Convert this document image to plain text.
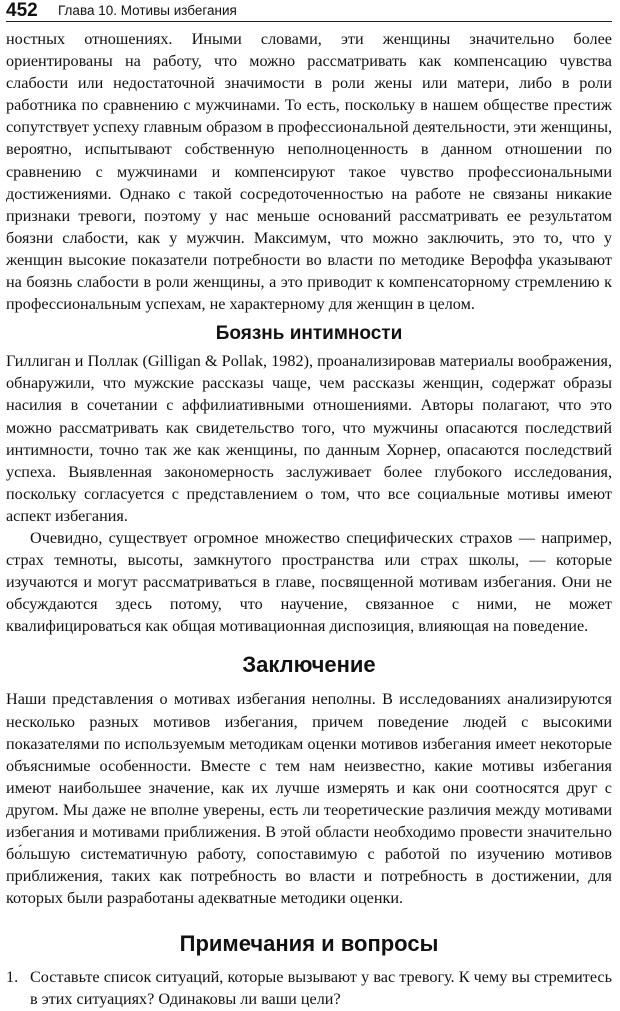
452 Глава 10. Мотивы избегания

ностных отношениях. Иными словами, эти женщины значительно более ориентированы на работу, что можно рассматривать как компенсацию чувства слабости или недостаточной значимости в роли жены или матери, либо в роли работника по сравнению с мужчинами. То есть, поскольку в нашем обществе престиж сопутствует успеху главным образом в профессиональной деятельности, эти женщины, вероятно, испытывают собственную неполноценность в данном отношении по сравнению с мужчинами и компенсируют такое чувство профессиональными достижениями. Однако с такой сосредоточенностью на работе не связаны никакие признаки тревоги, поэтому у нас меньше оснований рассматривать ее результатом боязни слабости, как у мужчин. Максимум, что можно заключить, это то, что у женщин высокие показатели потребности во власти по методике Вероффа указывают на боязнь слабости в роли женщины, а это приводит к компенсаторному стремлению к профессиональным успехам, не характерному для женщин в целом.

Боязнь интимности

Гиллиган и Поллак (Gilligan & Pollak, 1982), проанализировав материалы воображения, обнаружили, что мужские рассказы чаще, чем рассказы женщин, содержат образы насилия в сочетании с аффилиативными отношениями. Авторы полагают, что это можно рассматривать как свидетельство того, что мужчины опасаются последствий интимности, точно так же как женщины, по данным Хорнер, опасаются последствий успеха. Выявленная закономерность заслуживает более глубокого исследования, поскольку согласуется с представлением о том, что все социальные мотивы имеют аспект избегания.

Очевидно, существует огромное множество специфических страхов — например, страх темноты, высоты, замкнутого пространства или страх школы, — которые изучаются и могут рассматриваться в главе, посвященной мотивам избегания. Они не обсуждаются здесь потому, что научение, связанное с ними, не может квалифицироваться как общая мотивационная диспозиция, влияющая на поведение.

Заключение

Наши представления о мотивах избегания неполны. В исследованиях анализируются несколько разных мотивов избегания, причем поведение людей с высокими показателями по используемым методикам оценки мотивов избегания имеет некоторые объяснимые особенности. Вместе с тем нам неизвестно, какие мотивы избегания имеют наибольшее значение, как их лучше измерять и как они соотносятся друг с другом. Мы даже не вполне уверены, есть ли теоретические различия между мотивами избегания и мотивами приближения. В этой области необходимо провести значительно бо́льшую систематичную работу, сопоставимую с работой по изучению мотивов приближения, таких как потребность во власти и потребность в достижении, для которых были разработаны адекватные методики оценки.

Примечания и вопросы
1. Составьте список ситуаций, которые вызывают у вас тревогу. К чему вы стремитесь в этих ситуациях? Одинаковы ли ваши цели?
